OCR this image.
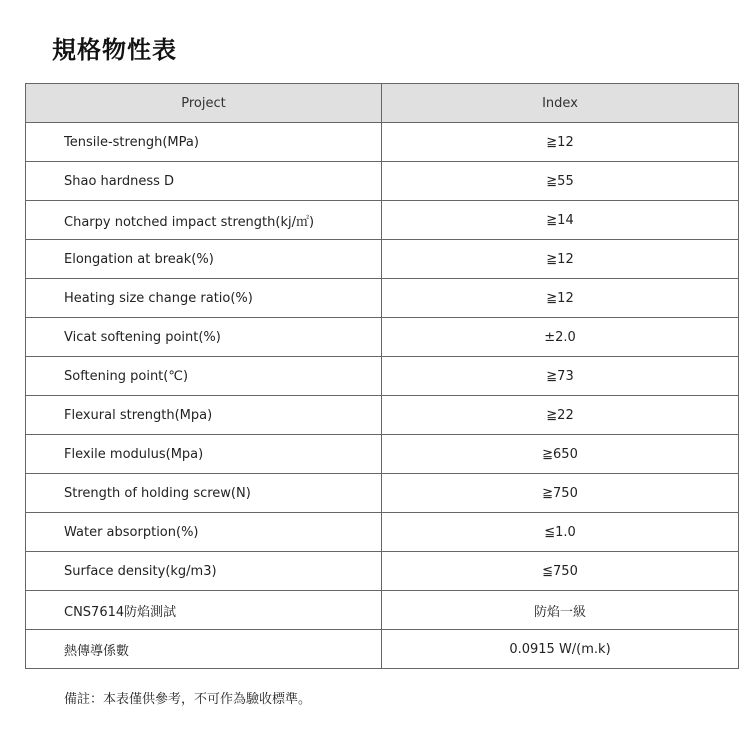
規格物性表
Project	Index
Tensile-strengh(MPa)	≧12
Shao hardness D	≧55
Charpy notched impact strength(kj/㎡)	≧14
Elongation at break(%)	≧12
Heating size change ratio(%)	≧12
Vicat softening point(%)	±2.0
Softening point(℃)	≧73
Flexural strength(Mpa)	≧22
Flexile modulus(Mpa)	≧650
Strength of holding screw(N)	≧750
Water absorption(%)	≦1.0
Surface density(kg/m3)	≦750
CNS7614防焰測試	防焰一級
熱傳導係數	0.0915 W/(m.k)

備註：本表僅供參考，不可作為驗收標準。
